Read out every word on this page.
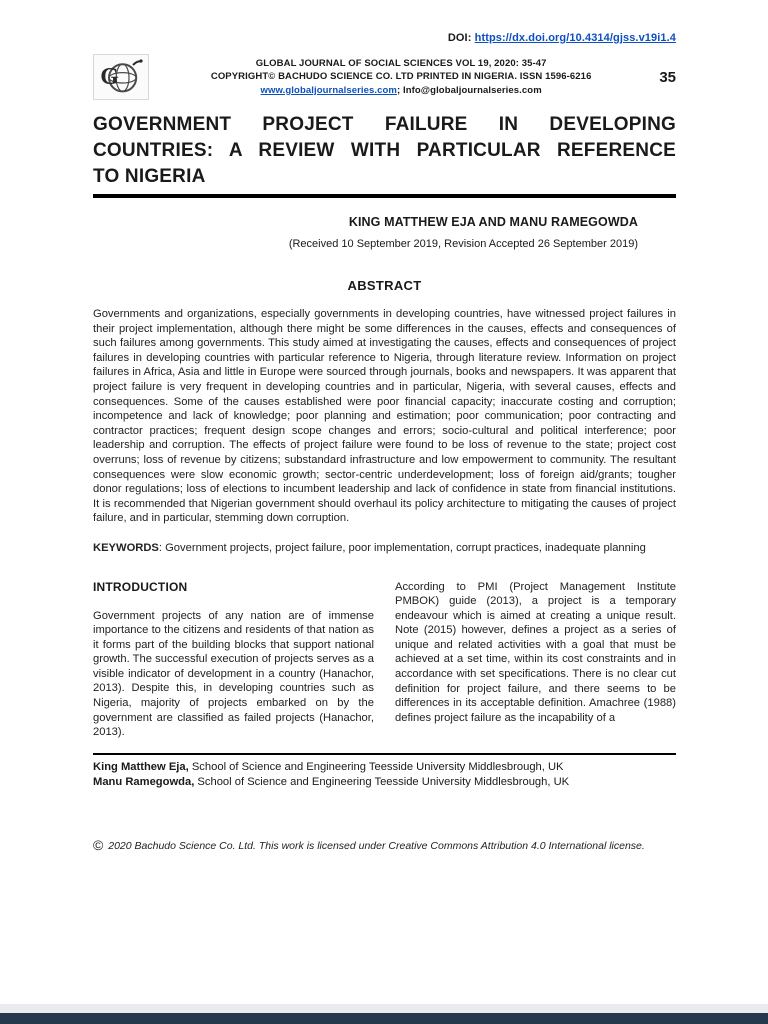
DOI: https://dx.doi.org/10.4314/gjss.v19i1.4
G
GLOBAL JOURNAL OF SOCIAL SCIENCES VOL 19, 2020: 35-47
COPYRIGHT© BACHUDO SCIENCE CO. LTD PRINTED IN NIGERIA. ISSN 1596-6216
www.globaljournalseries.com; Info@globaljournalseries.com
35
GOVERNMENT PROJECT FAILURE IN DEVELOPING
COUNTRIES: A REVIEW WITH PARTICULAR REFERENCE
TO NIGERIA
KING MATTHEW EJA AND MANU RAMEGOWDA
(Received 10 September 2019, Revision Accepted 26 September 2019)
ABSTRACT

Governments and organizations, especially governments in developing countries, have witnessed project failures in their project implementation, although there might be some differences in the causes, effects and consequences of such failures among governments. This study aimed at investigating the causes, effects and consequences of project failures in developing countries with particular reference to Nigeria, through literature review. Information on project failures in Africa, Asia and little in Europe were sourced through journals, books and newspapers. It was apparent that project failure is very frequent in developing countries and in particular, Nigeria, with several causes, effects and consequences. Some of the causes established were poor financial capacity; inaccurate costing and corruption; incompetence and lack of knowledge; poor planning and estimation; poor communication; poor contracting and contractor practices; frequent design scope changes and errors; socio-cultural and political interference; poor leadership and corruption. The effects of project failure were found to be loss of revenue to the state; project cost overruns; loss of revenue by citizens; substandard infrastructure and low empowerment to community. The resultant consequences were slow economic growth; sector-centric underdevelopment; loss of foreign aid/grants; tougher donor regulations; loss of elections to incumbent leadership and lack of confidence in state from financial institutions. It is recommended that Nigerian government should overhaul its policy architecture to mitigating the causes of project failure, and in particular, stemming down corruption.

KEYWORDS: Government projects, project failure, poor implementation, corrupt practices, inadequate planning

INTRODUCTION

Government projects of any nation are of immense importance to the citizens and residents of that nation as it forms part of the building blocks that support national growth. The successful execution of projects serves as a visible indicator of development in a country (Hanachor, 2013). Despite this, in developing countries such as Nigeria, majority of projects embarked on by the government are classified as failed projects (Hanachor, 2013).

According to PMI (Project Management Institute PMBOK) guide (2013), a project is a temporary endeavour which is aimed at creating a unique result. Note (2015) however, defines a project as a series of unique and related activities with a goal that must be achieved at a set time, within its cost constraints and in accordance with set specifications. There is no clear cut definition for project failure, and there seems to be differences in its acceptable definition. Amachree (1988) defines project failure as the incapability of a

King Matthew Eja, School of Science and Engineering Teesside University Middlesbrough, UK
Manu Ramegowda, School of Science and Engineering Teesside University Middlesbrough, UK
© 2020 Bachudo Science Co. Ltd. This work is licensed under Creative Commons Attribution 4.0 International license.
